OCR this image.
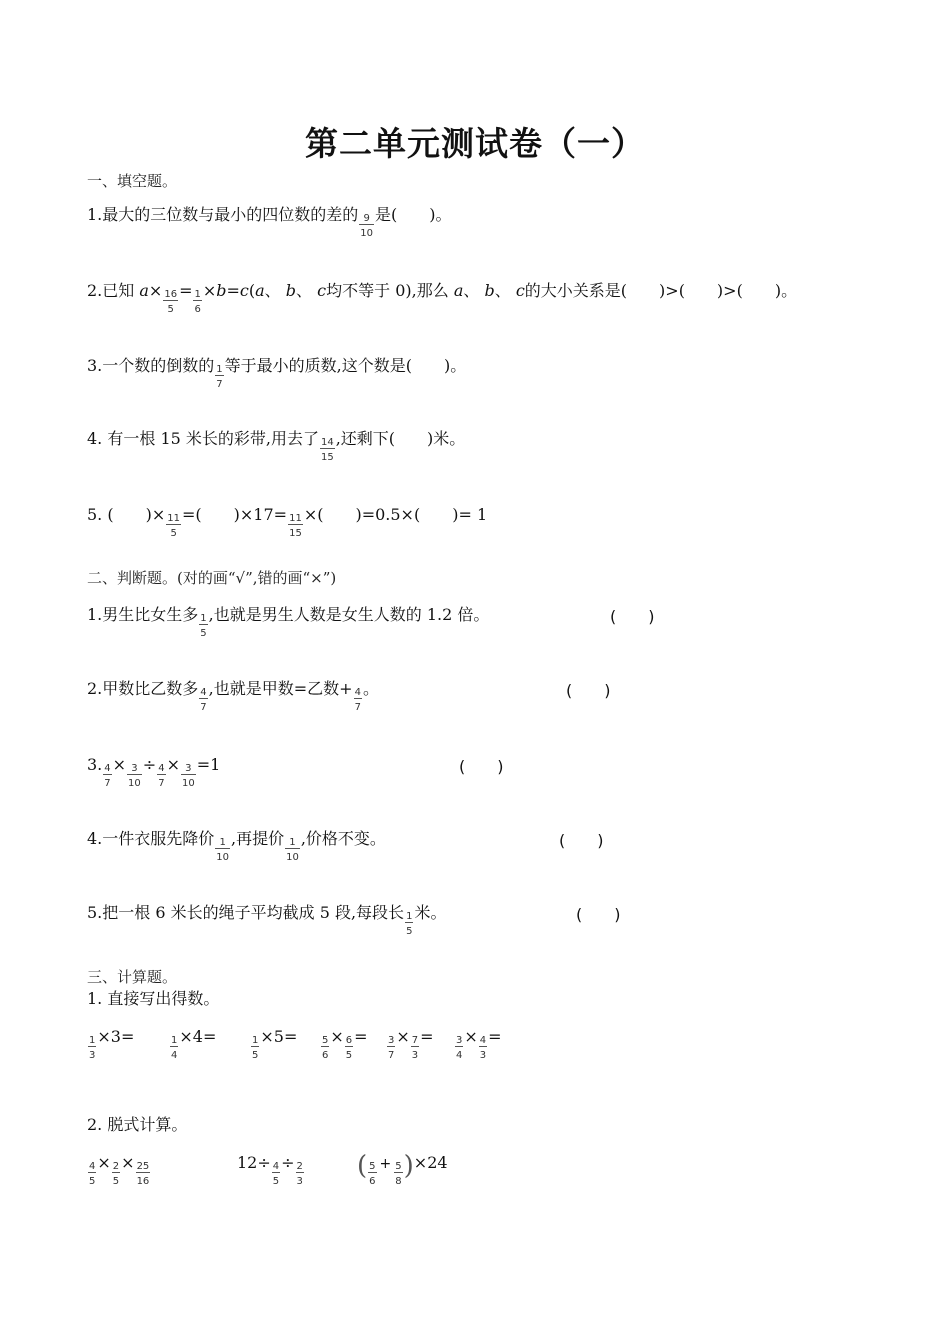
第二单元测试卷（一）
一、填空题。
1.最大的三位数与最小的四位数的差的 $\frac{9}{10}$ 是(　　)。
2.已知 $a\times \frac{16}{5} = \frac{1}{6} \times b=c(a$、 b、 c均不等于 0),那么 a、 b、 c的大小关系是(　　)>(　　)>(　　)。
3.一个数的倒数的 $\frac{1}{7}$ 等于最小的质数,这个数是(　　)。
4. 有一根 15 米长的彩带,用去了 $\frac{14}{15}$ ,还剩下(　　)米。
5. (　　)× $\frac{11}{5}$ =(　　)$\times 17= \frac{11}{15}$ ×(　　)=0.5×(　　)= 1
二、判断题。(对的画“√”,错的画“×”)
1.男生比女生多 $\frac{1}{5}$ ,也就是男生人数是女生人数的 1.2 倍。	(　　)
2.甲数比乙数多 $\frac{4}{7}$ ,也就是甲数=乙数+ $\frac{4}{7}$ 。	(　　)
3. $\frac{4}{7} \times \frac{3}{10} \div \frac{4}{7} \times \frac{3}{10} =1$	(　　)
4.一件衣服先降价 $\frac{1}{10}$ ,再提价 $\frac{1}{10}$ ,价格不变。	(　　)
5.把一根 6 米长的绳子平均截成 5 段,每段长 $\frac{1}{5}$ 米。	(　　)
三、计算题。
1. 直接写出得数。
$\frac{1}{3} \times 3=$	$\frac{1}{4} \times 4=$	$\frac{1}{5} \times 5= \frac{5}{6} \times \frac{6}{5} = \frac{3}{7} \times \frac{7}{3} = \frac{3}{4} \times \frac{4}{3}$ =
2. 脱式计算。
$\frac{4}{5} \times \frac{2}{5} \times \frac{25}{16}$	$12\div \frac{4}{5} \div \frac{2}{3}$ ( $\frac{5}{6} + \frac{5}{8} )\times 24$
